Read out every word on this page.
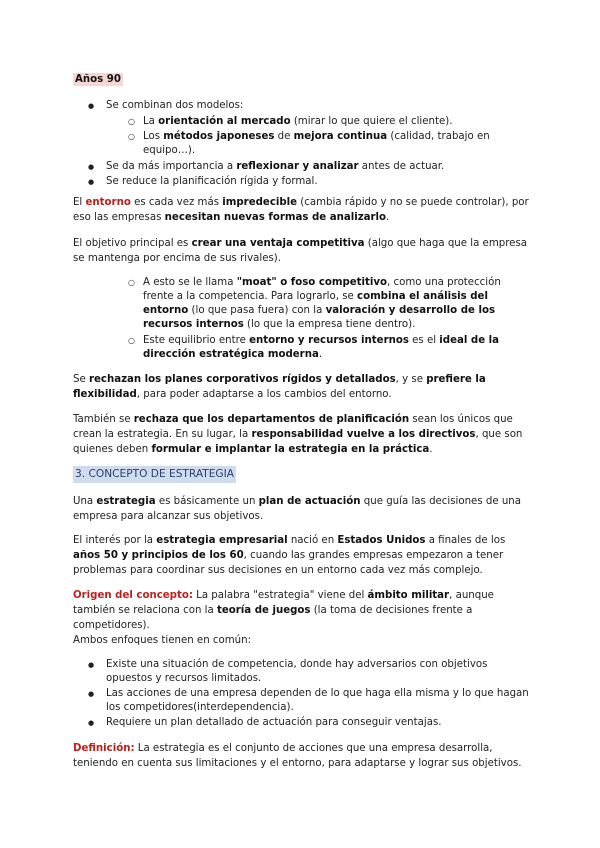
Años 90

● Se combinan dos modelos:
○ La orientación al mercado (mirar lo que quiere el cliente).
○ Los métodos japoneses de mejora continua (calidad, trabajo en equipo…).
● Se da más importancia a reflexionar y analizar antes de actuar.
● Se reduce la planificación rígida y formal.

El entorno es cada vez más impredecible (cambia rápido y no se puede controlar), por eso las empresas necesitan nuevas formas de analizarlo.

El objetivo principal es crear una ventaja competitiva (algo que haga que la empresa se mantenga por encima de sus rivales).

○ A esto se le llama "moat" o foso competitivo, como una protección frente a la competencia. Para lograrlo, se combina el análisis del entorno (lo que pasa fuera) con la valoración y desarrollo de los recursos internos (lo que la empresa tiene dentro).
○ Este equilibrio entre entorno y recursos internos es el ideal de la dirección estratégica moderna.

Se rechazan los planes corporativos rígidos y detallados, y se prefiere la flexibilidad, para poder adaptarse a los cambios del entorno.

También se rechaza que los departamentos de planificación sean los únicos que crean la estrategia. En su lugar, la responsabilidad vuelve a los directivos, que son quienes deben formular e implantar la estrategia en la práctica.

3. CONCEPTO DE ESTRATEGIA

Una estrategia es básicamente un plan de actuación que guía las decisiones de una empresa para alcanzar sus objetivos.

El interés por la estrategia empresarial nació en Estados Unidos a finales de los años 50 y principios de los 60, cuando las grandes empresas empezaron a tener problemas para coordinar sus decisiones en un entorno cada vez más complejo.

Origen del concepto: La palabra "estrategia" viene del ámbito militar, aunque también se relaciona con la teoría de juegos (la toma de decisiones frente a competidores).
Ambos enfoques tienen en común:

● Existe una situación de competencia, donde hay adversarios con objetivos opuestos y recursos limitados.
● Las acciones de una empresa dependen de lo que haga ella misma y lo que hagan los competidores(interdependencia).
● Requiere un plan detallado de actuación para conseguir ventajas.

Definición: La estrategia es el conjunto de acciones que una empresa desarrolla, teniendo en cuenta sus limitaciones y el entorno, para adaptarse y lograr sus objetivos.
